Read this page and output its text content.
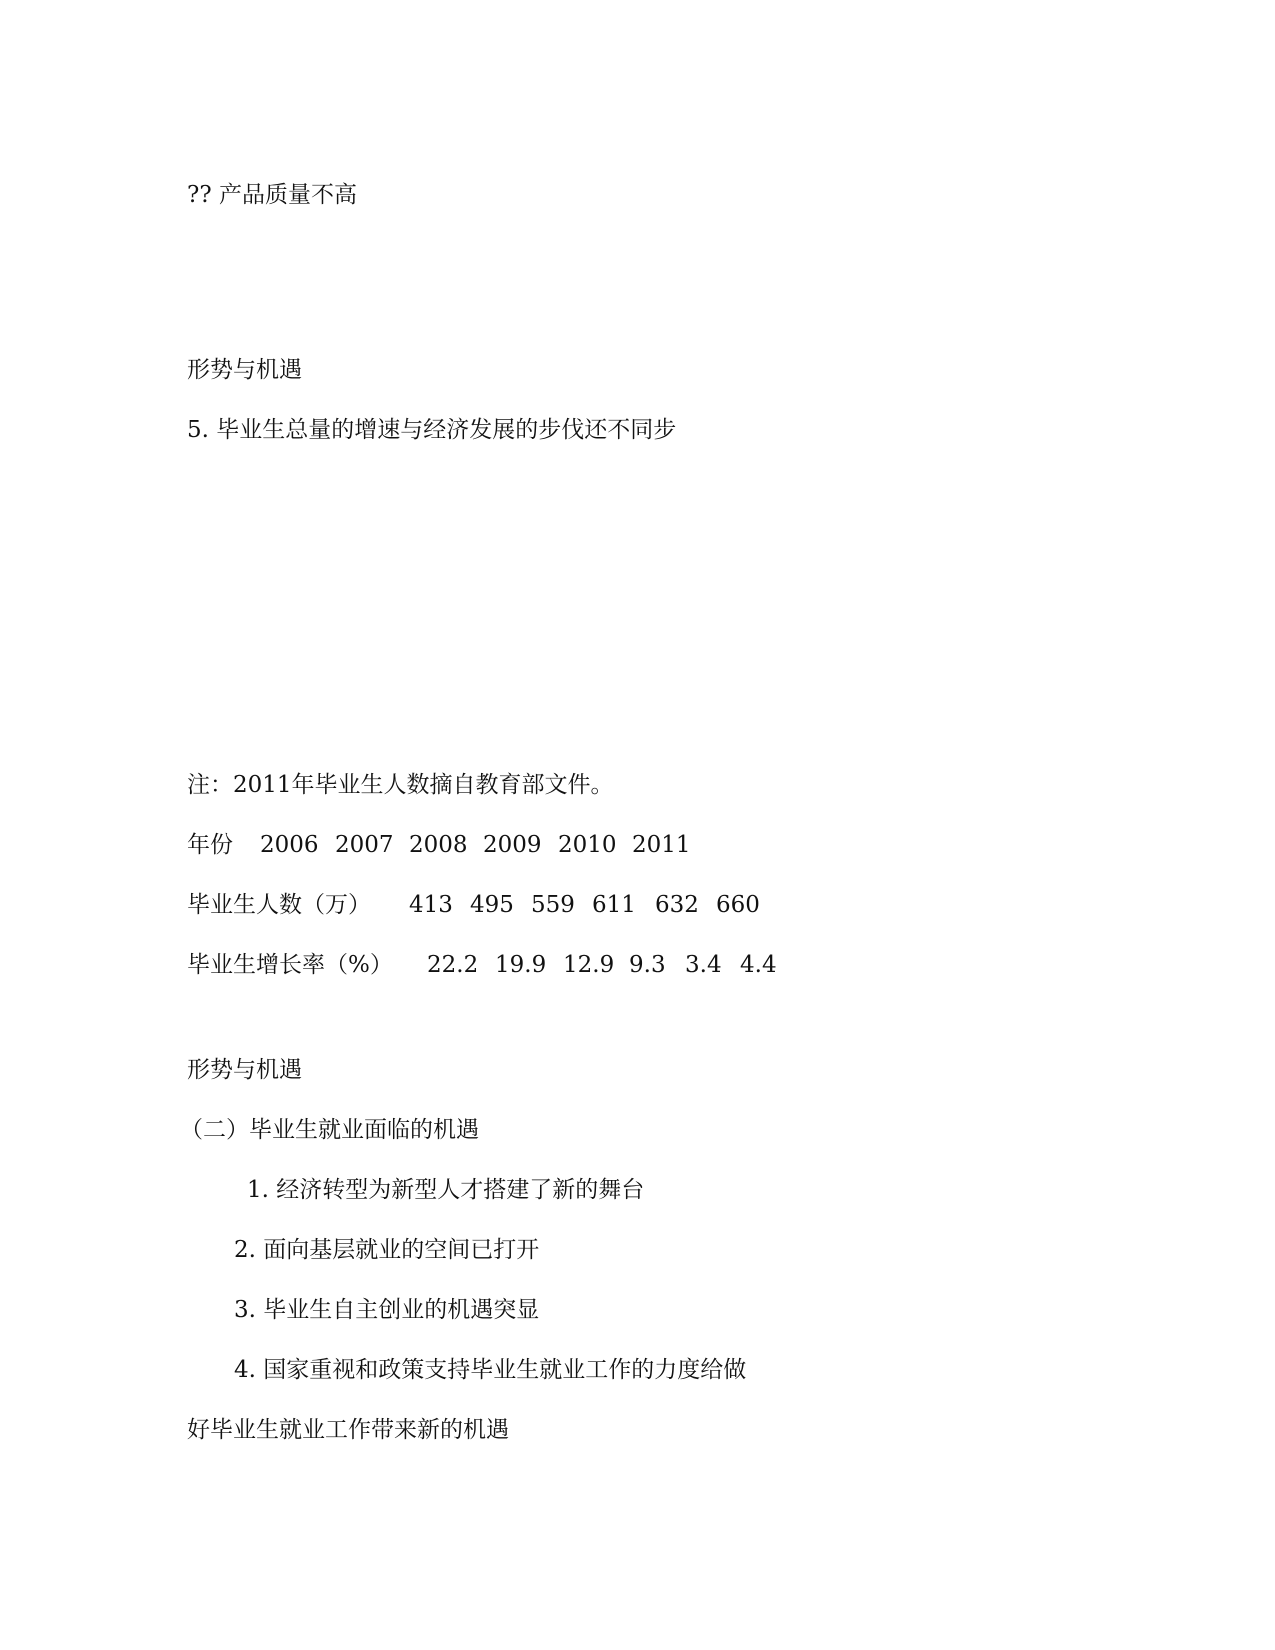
?? 产品质量不高
形势与机遇
5. 毕业生总量的增速与经济发展的步伐还不同步
注：2011年毕业生人数摘自教育部文件。
年份 2006 2007 2008 2009 2010 2011
毕业生人数（万） 413 495 559 611 632 660
毕业生增长率（%） 22.2 19.9 12.9 9.3 3.4 4.4
形势与机遇
（二）毕业生就业面临的机遇
1. 经济转型为新型人才搭建了新的舞台
2. 面向基层就业的空间已打开
3. 毕业生自主创业的机遇突显
4. 国家重视和政策支持毕业生就业工作的力度给做
好毕业生就业工作带来新的机遇
